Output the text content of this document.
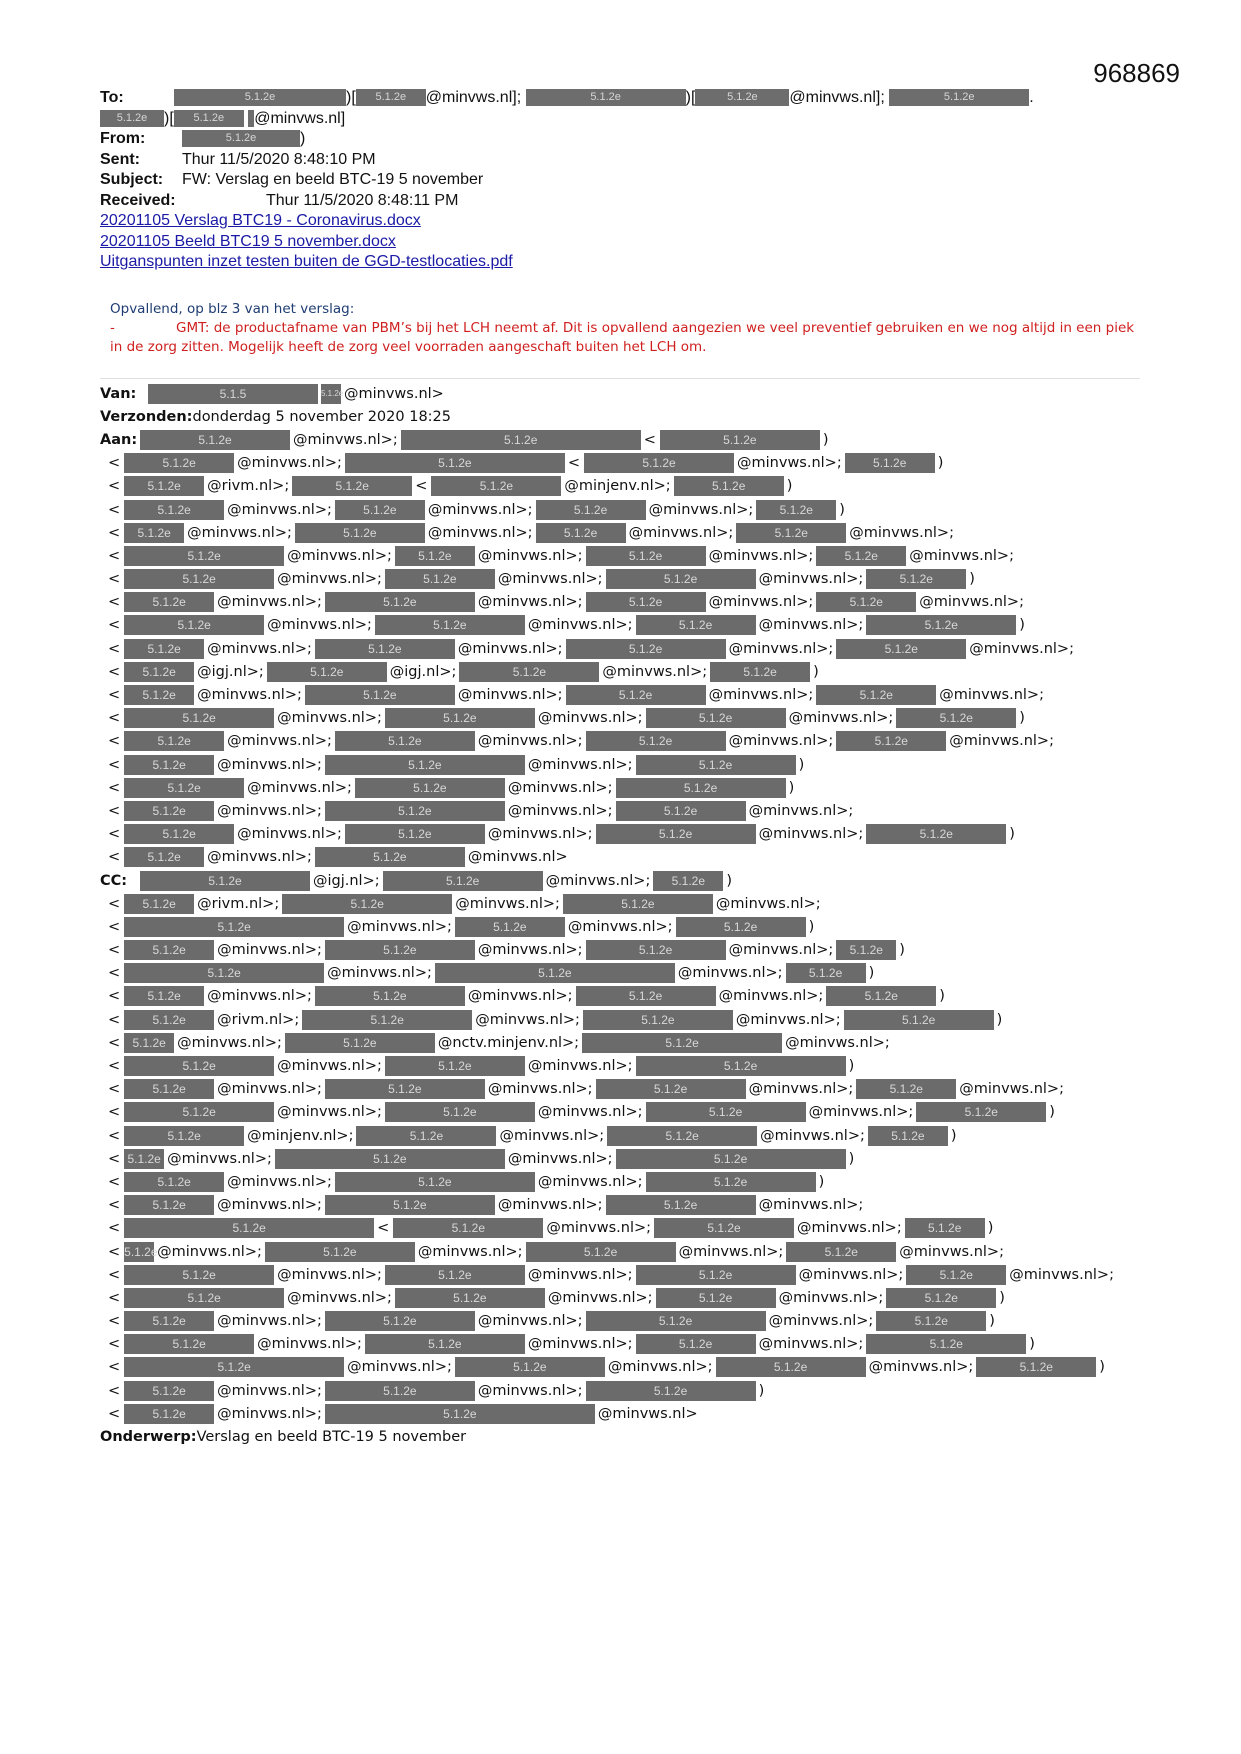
968869
To:	5.1.2e	)[ 5.1.2e @minvws.nl];	5.1.2e	)[	5.1.2e @minvws.nl];	5.1.2e	.
5.1.2e )[ 5.1.2e @minvws.nl]
From:	5.1.2e	)
Sent:	Thur 11/5/2020 8:48:10 PM
Subject: FW: Verslag en beeld BTC-19 5 november
Received:	Thur 11/5/2020 8:48:11 PM
20201105 Verslag BTC19 - Coronavirus.docx
20201105 Beeld BTC19 5 november.docx
Uitganspunten inzet testen buiten de GGD-testlocaties.pdf
Opvallend, op blz 3 van het verslag:
-	GMT: de productafname van PBM’s bij het LCH neemt af. Dit is opvallend aangezien we veel preventief gebruiken en we nog altijd in een piek in de zorg zitten. Mogelijk heeft de zorg veel voorraden aangeschaft buiten het LCH om.
Van:	5.1.5	5.1.2e @minvws.nl>
Verzonden: donderdag 5 november 2020 18:25
Aan:	5.1.2e	@minvws.nl>;	5.1.2e	<	5.1.2e	)
<	5.1.2e	@minvws.nl>;	5.1.2e	<	5.1.2e	@minvws.nl>;	5.1.2e	)
<	5.1.2e	@rivm.nl>;	5.1.2e	<	5.1.2e	@minjenv.nl>;	5.1.2e	)
<	5.1.2e	@minvws.nl>;	5.1.2e	@minvws.nl>;	5.1.2e	@minvws.nl>;	5.1.2e	)
<	5.1.2e	@minvws.nl>;	5.1.2e	@minvws.nl>;	5.1.2e	@minvws.nl>;	5.1.2e	@minvws.nl>;
<	5.1.2e	@minvws.nl>;	5.1.2e	@minvws.nl>;	5.1.2e	@minvws.nl>;	5.1.2e	@minvws.nl>;
<	5.1.2e	@minvws.nl>;	5.1.2e	@minvws.nl>;	5.1.2e	@minvws.nl>;	5.1.2e	)
<	5.1.2e	@minvws.nl>;	5.1.2e	@minvws.nl>;	5.1.2e	@minvws.nl>;	5.1.2e	@minvws.nl>;
<	5.1.2e	@minvws.nl>;	5.1.2e	@minvws.nl>;	5.1.2e	@minvws.nl>;	5.1.2e	)
<	5.1.2e	@minvws.nl>;	5.1.2e	@minvws.nl>;	5.1.2e	@minvws.nl>;	5.1.2e	@minvws.nl>;
<	5.1.2e	@igj.nl>;	5.1.2e	@igj.nl>;	5.1.2e	@minvws.nl>;	5.1.2e	)
<	5.1.2e	@minvws.nl>;	5.1.2e	@minvws.nl>;	5.1.2e	@minvws.nl>;	5.1.2e	@minvws.nl>;
<	5.1.2e	@minvws.nl>;	5.1.2e	@minvws.nl>;	5.1.2e	@minvws.nl>;	5.1.2e	)
<	5.1.2e	@minvws.nl>;	5.1.2e	@minvws.nl>;	5.1.2e	@minvws.nl>;	5.1.2e	@minvws.nl>;
<	5.1.2e	@minvws.nl>;	5.1.2e	@minvws.nl>;	5.1.2e	)
<	5.1.2e	@minvws.nl>;	5.1.2e	@minvws.nl>;	5.1.2e	)
<	5.1.2e	@minvws.nl>;	5.1.2e	@minvws.nl>;	5.1.2e	@minvws.nl>;
<	5.1.2e	@minvws.nl>;	5.1.2e	@minvws.nl>;	5.1.2e	@minvws.nl>;	5.1.2e	)
<	5.1.2e	@minvws.nl>;	5.1.2e	@minvws.nl>
CC:	5.1.2e	@igj.nl>;	5.1.2e	@minvws.nl>;	5.1.2e	)
<	5.1.2e	@rivm.nl>;	5.1.2e	@minvws.nl>;	5.1.2e	@minvws.nl>;
<	5.1.2e	@minvws.nl>;	5.1.2e	@minvws.nl>;	5.1.2e	)
<	5.1.2e	@minvws.nl>;	5.1.2e	@minvws.nl>;	5.1.2e	@minvws.nl>;	5.1.2e	)
<	5.1.2e	@minvws.nl>;	5.1.2e	@minvws.nl>;	5.1.2e	)
<	5.1.2e	@minvws.nl>;	5.1.2e	@minvws.nl>;	5.1.2e	@minvws.nl>;	5.1.2e	)
<	5.1.2e	@rivm.nl>;	5.1.2e	@minvws.nl>;	5.1.2e	@minvws.nl>;	5.1.2e	)
<	5.1.2e @minvws.nl>;	5.1.2e	@nctv.minjenv.nl>;	5.1.2e	@minvws.nl>;
<	5.1.2e	@minvws.nl>;	5.1.2e	@minvws.nl>;	5.1.2e	)
<	5.1.2e	@minvws.nl>;	5.1.2e	@minvws.nl>;	5.1.2e	@minvws.nl>;	5.1.2e	@minvws.nl>;
<	5.1.2e	@minvws.nl>;	5.1.2e	@minvws.nl>;	5.1.2e	@minvws.nl>;	5.1.2e	)
<	5.1.2e	@minjenv.nl>;	5.1.2e	@minvws.nl>;	5.1.2e	@minvws.nl>;	5.1.2e	)
< 5.1.2e @minvws.nl>;	5.1.2e	@minvws.nl>;	5.1.2e	)
<	5.1.2e	@minvws.nl>;	5.1.2e	@minvws.nl>;	5.1.2e	)
<	5.1.2e	@minvws.nl>;	5.1.2e	@minvws.nl>;	5.1.2e	@minvws.nl>;
<	5.1.2e	<	5.1.2e	@minvws.nl>;	5.1.2e	@minvws.nl>;	5.1.2e	)
< 5.1.2e @minvws.nl>;	5.1.2e	@minvws.nl>;	5.1.2e	@minvws.nl>;	5.1.2e	@minvws.nl>;
<	5.1.2e	@minvws.nl>;	5.1.2e	@minvws.nl>;	5.1.2e	@minvws.nl>;	5.1.2e	@minvws.nl>;
<	5.1.2e	@minvws.nl>;	5.1.2e	@minvws.nl>;	5.1.2e	@minvws.nl>;	5.1.2e	)
<	5.1.2e	@minvws.nl>;	5.1.2e	@minvws.nl>;	5.1.2e	@minvws.nl>;	5.1.2e	)
<	5.1.2e	@minvws.nl>;	5.1.2e	@minvws.nl>;	5.1.2e	@minvws.nl>;	5.1.2e	)
<	5.1.2e	@minvws.nl>;	5.1.2e	@minvws.nl>;	5.1.2e	@minvws.nl>;	5.1.2e	)
<	5.1.2e	@minvws.nl>;	5.1.2e	@minvws.nl>;	5.1.2e	)
<	5.1.2e	@minvws.nl>;	5.1.2e	@minvws.nl>
Onderwerp: Verslag en beeld BTC-19 5 november
